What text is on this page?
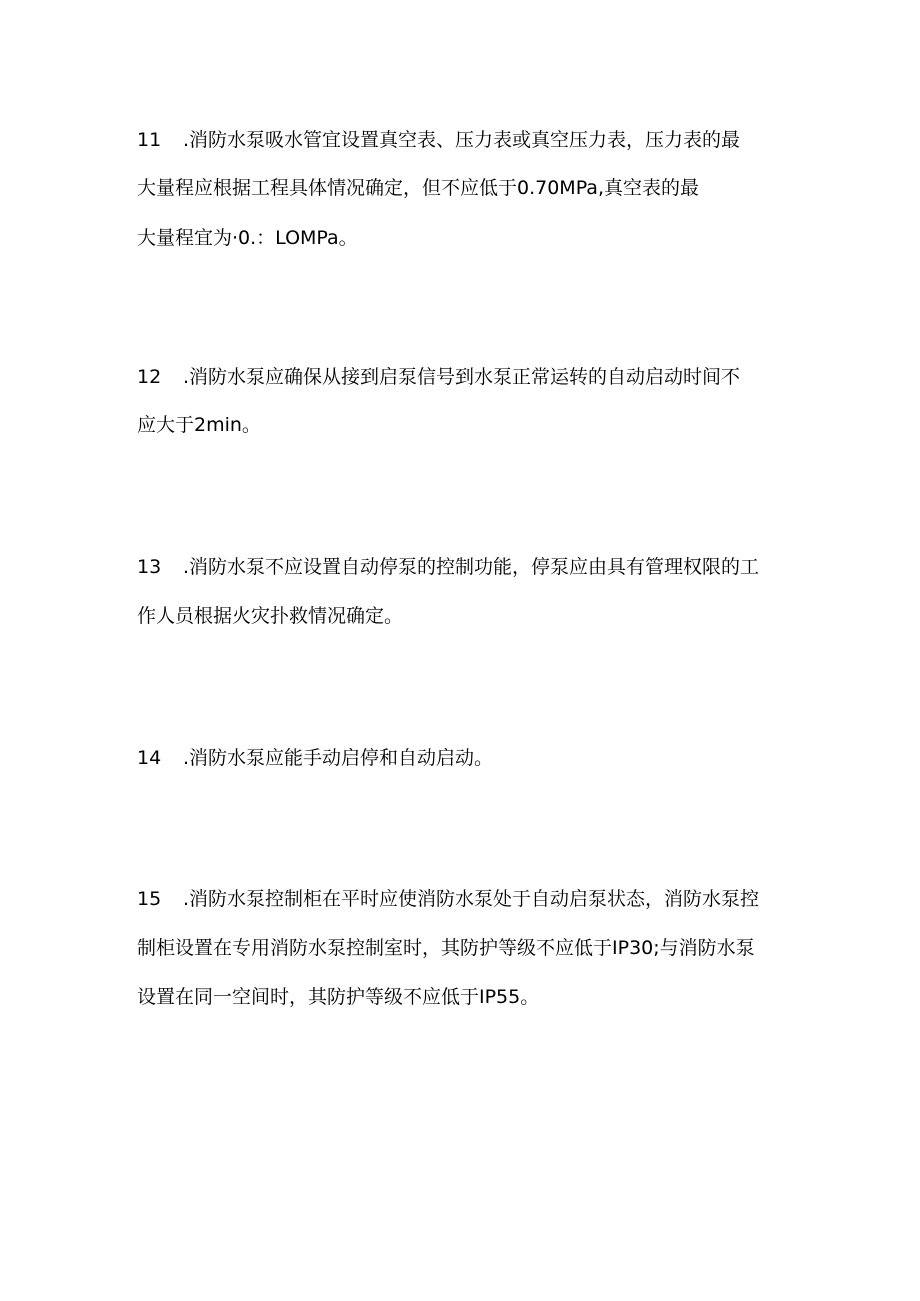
11 .消防水泵吸水管宜设置真空表、压力表或真空压力表，压力表的最
大量程应根据工程具体情况确定，但不应低于0.70MPa,真空表的最
大量程宜为·0.：LOMPa。
12 .消防水泵应确保从接到启泵信号到水泵正常运转的自动启动时间不
应大于2min。
13 .消防水泵不应设置自动停泵的控制功能，停泵应由具有管理权限的工
作人员根据火灾扑救情况确定。
14 .消防水泵应能手动启停和自动启动。
15 .消防水泵控制柜在平时应使消防水泵处于自动启泵状态，消防水泵控
制柜设置在专用消防水泵控制室时，其防护等级不应低于IP30;与消防水泵
设置在同一空间时，其防护等级不应低于IP55。
